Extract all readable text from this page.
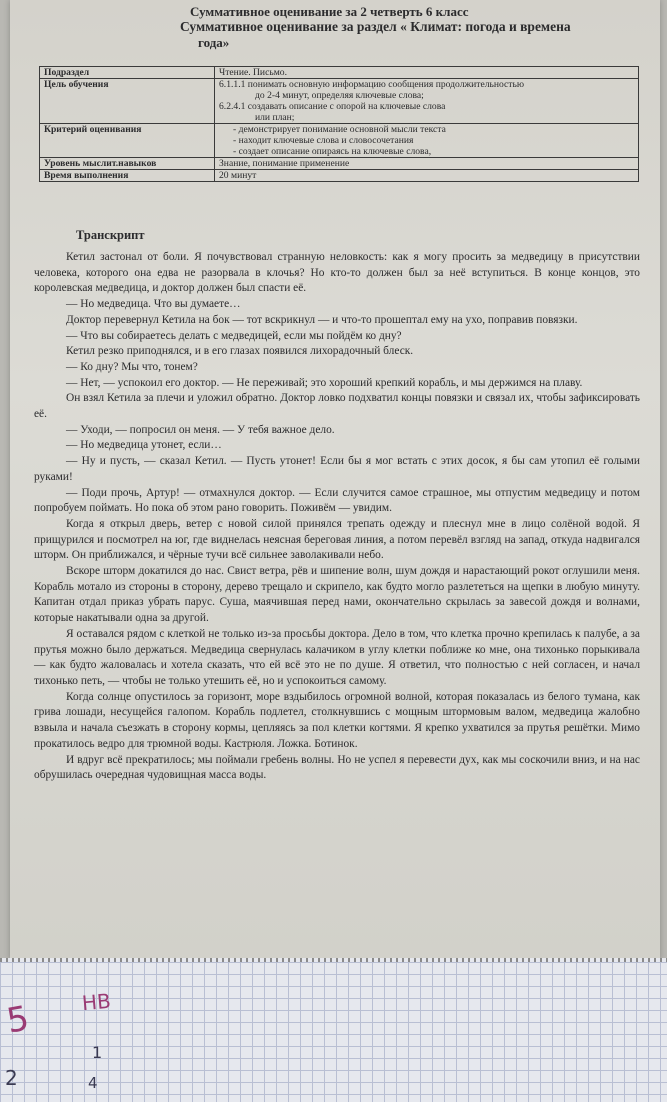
Суммативное оценивание за 2 четверть 6 класс
Суммативное оценивание за раздел « Климат: погода и времена
года»
Подраздел	Чтение. Письмо.
Цель обучения	6.1.1.1 понимать основную информацию сообщения продолжительностью
до 2-4 минут, определяя ключевые слова;
6.2.4.1 создавать описание с опорой на ключевые слова
или план;

Критерий оценивания	- демонстрирует понимание основной мысли текста
- находит ключевые слова и словосочетания
- создает описание опираясь на ключевые слова,

Уровень мыслит.навыков	Знание, понимание применение
Время выполнения	20 минут
Транскрипт

Кетил застонал от боли. Я почувствовал странную неловкость: как я могу просить за медведицу в присутствии человека, которого она едва не разорвала в клочья? Но кто-то должен был за неё вступиться. В конце концов, это королевская медведица, и доктор должен был спасти её.

— Но медведица. Что вы думаете…

Доктор перевернул Кетила на бок — тот вскрикнул — и что-то прошептал ему на ухо, поправив повязки.

— Что вы собираетесь делать с медведицей, если мы пойдём ко дну?

Кетил резко приподнялся, и в его глазах появился лихорадочный блеск.

— Ко дну? Мы что, тонем?

— Нет, — успокоил его доктор. — Не переживай; это хороший крепкий корабль, и мы держимся на плаву.

Он взял Кетила за плечи и уложил обратно. Доктор ловко подхватил концы повязки и связал их, чтобы зафиксировать её.

— Уходи, — попросил он меня. — У тебя важное дело.

— Но медведица утонет, если…

— Ну и пусть, — сказал Кетил. — Пусть утонет! Если бы я мог встать с этих досок, я бы сам утопил её голыми руками!

— Поди прочь, Артур! — отмахнулся доктор. — Если случится самое страшное, мы отпустим медведицу и потом попробуем поймать. Но пока об этом рано говорить. Поживём — увидим.

Когда я открыл дверь, ветер с новой силой принялся трепать одежду и плеснул мне в лицо солёной водой. Я прищурился и посмотрел на юг, где виднелась неясная береговая линия, а потом перевёл взгляд на запад, откуда надвигался шторм. Он приближался, и чёрные тучи всё сильнее заволакивали небо.

Вскоре шторм докатился до нас. Свист ветра, рёв и шипение волн, шум дождя и нарастающий рокот оглушили меня. Корабль мотало из стороны в сторону, дерево трещало и скрипело, как будто могло разлететься на щепки в любую минуту. Капитан отдал приказ убрать парус. Суша, маячившая перед нами, окончательно скрылась за завесой дождя и волнами, которые накатывали одна за другой.

Я оставался рядом с клеткой не только из-за просьбы доктора. Дело в том, что клетка прочно крепилась к палубе, а за прутья можно было держаться. Медведица свернулась калачиком в углу клетки поближе ко мне, она тихонько порыкивала — как будто жаловалась и хотела сказать, что ей всё это не по душе. Я ответил, что полностью с ней согласен, и начал тихонько петь, — чтобы не только утешить её, но и успокоиться самому.

Когда солнце опустилось за горизонт, море вздыбилось огромной волной, которая показалась из белого тумана, как грива лошади, несущейся галопом. Корабль подлетел, столкнувшись с мощным штормовым валом, медведица жалобно взвыла и начала съезжать в сторону кормы, цепляясь за пол клетки когтями. Я крепко ухватился за прутья решётки. Мимо прокатилось ведро для трюмной воды. Кастрюля. Ложка. Ботинок.

И вдруг всё прекратилось; мы поймали гребень волны. Но не успел я перевести дух, как мы соскочили вниз, и на нас обрушилась очередная чудовищная масса воды.

5 НВ
1
2	4
